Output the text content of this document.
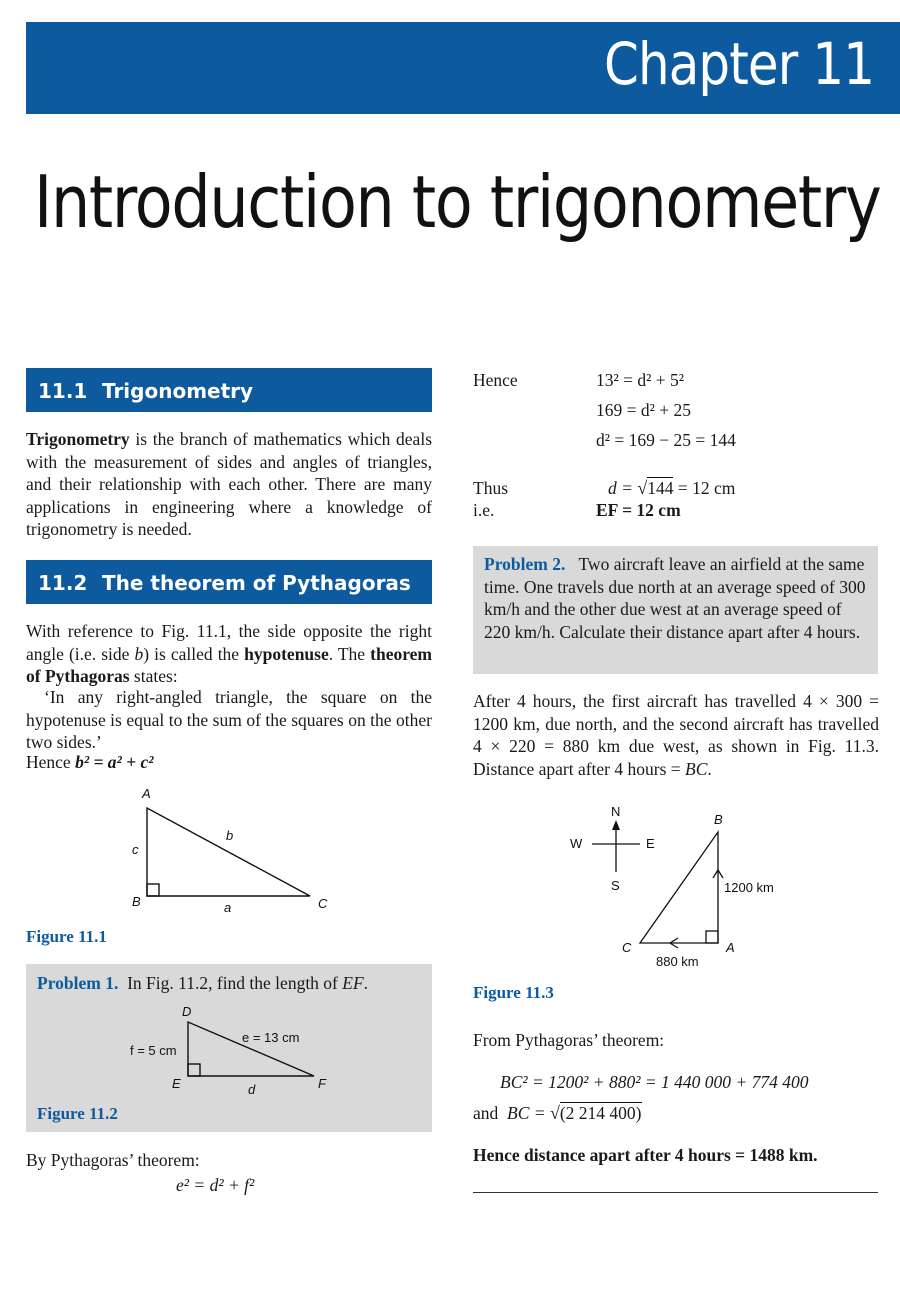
Chapter 11
Introduction to trigonometry
11.1 Trigonometry
Trigonometry is the branch of mathematics which deals with the measurement of sides and angles of triangles, and their relationship with each other. There are many applications in engineering where a knowledge of trigonometry is needed.
11.2 The theorem of Pythagoras
With reference to Fig. 11.1, the side opposite the right angle (i.e. side b) is called the hypotenuse. The theorem of Pythagoras states:
‘In any right-angled triangle, the square on the hypotenuse is equal to the sum of the squares on the other two sides.’
Hence b² = a² + c²
A
B	C
a
b
c
Figure 11.1
Problem 1. In Fig. 11.2, find the length of EF.
D
E	F
d
f = 5 cm
e = 13 cm
Figure 11.2
By Pythagoras’ theorem:
e² = d² + f²
Hence	13² = d² + 5²
169 = d² + 25
d² = 169 − 25 = 144
Thus	d = √144 = 12 cm
i.e.	EF = 12 cm
Problem 2. Two aircraft leave an airfield at the same time. One travels due north at an average speed of 300 km/h and the other due west at an average speed of 220 km/h. Calculate their distance apart after 4 hours.
After 4 hours, the first aircraft has travelled 4 × 300 = 1200 km, due north, and the second aircraft has travelled 4 × 220 = 880 km due west, as shown in Fig. 11.3. Distance apart after 4 hours = BC.
N
S
E
W
B
C	A
1200 km
880 km
Figure 11.3
From Pythagoras’ theorem:
BC² = 1200² + 880² = 1 440 000 + 774 400
and BC = √(2 214 400)
Hence distance apart after 4 hours = 1488 km.
